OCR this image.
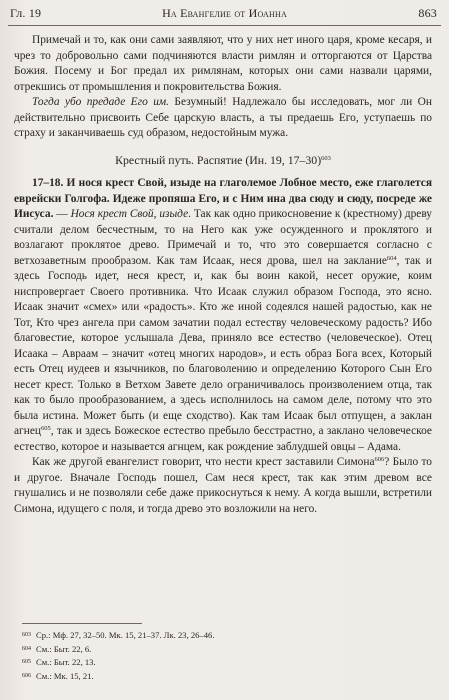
Гл. 19	На Евангелие от Иоанна	863

Примечай и то, как они сами заявляют, что у них нет иного царя, кроме кесаря, и чрез то добровольно сами подчиняются власти римлян и отторгаются от Царства Божия. Посему и Бог предал их римлянам, которых они сами назвали царями, отрекшись от промышления и покровительства Божия.

Тогда убо предаде Его им. Безумный! Надлежало бы исследовать, мог ли Он действительно присвоить Себе царскую власть, а ты предаешь Его, уступаешь по страху и заканчиваешь суд образом, недостойным мужа.

Крестный путь. Распятие (Ин. 19, 17–30)$^{603}$

17–18. И нося крест Свой, изыде на глаголемое Лобное место, еже глаголется еврейски Голгофа. Идеже пропяша Его, и с Ним ина два сюду и сюду, посреде же Иисуса. — Нося крест Свой, изыде. Так как одно прикосновение к (крестному) древу считали делом бесчестным, то на Него как уже осужденного и проклятого и возлагают проклятое древо. Примечай и то, что это совершается согласно с ветхозаветным прообразом. Как там Исаак, неся дрова, шел на заклание$^{604}$, так и здесь Господь идет, неся крест, и, как бы воин какой, несет оружие, коим ниспровергает Своего противника. Что Исаак служил образом Господа, это ясно. Исаак значит «смех» или «радость». Кто же иной содеялся нашей радостью, как не Тот, Кто чрез ангела при самом зачатии подал естеству человеческому радость? Ибо благовестие, которое услышала Дева, приняло все естество (человеческое). Отец Исаака – Авраам – значит «отец многих народов», и есть образ Бога всех, Который есть Отец иудеев и язычников, по благоволению и определению Которого Сын Его несет крест. Только в Ветхом Завете дело ограничивалось произволением отца, так как то было прообразованием, а здесь исполнилось на самом деле, потому что это была истина. Может быть (и еще сходство). Как там Исаак был отпущен, а заклан агнец$^{605}$, так и здесь Божеское естество пребыло бесстрастно, а заклано человеческое естество, которое и называется агнцем, как рождение заблудшей овцы – Адама.

Как же другой евангелист говорит, что нести крест заставили Симона$^{606}$? Было то и другое. Вначале Господь пошел, Сам неся крест, так как этим древом все гнушались и не позволяли себе даже прикоснуться к нему. А когда вышли, встретили Симона, идущего с поля, и тогда древо это возложили на него.

$^{603}$ Ср.: Мф. 27, 32–50. Мк. 15, 21–37. Лк. 23, 26–46.
$^{604}$ См.: Быт. 22, 6.
$^{605}$ См.: Быт. 22, 13.
$^{606}$ См.: Мк. 15, 21.
